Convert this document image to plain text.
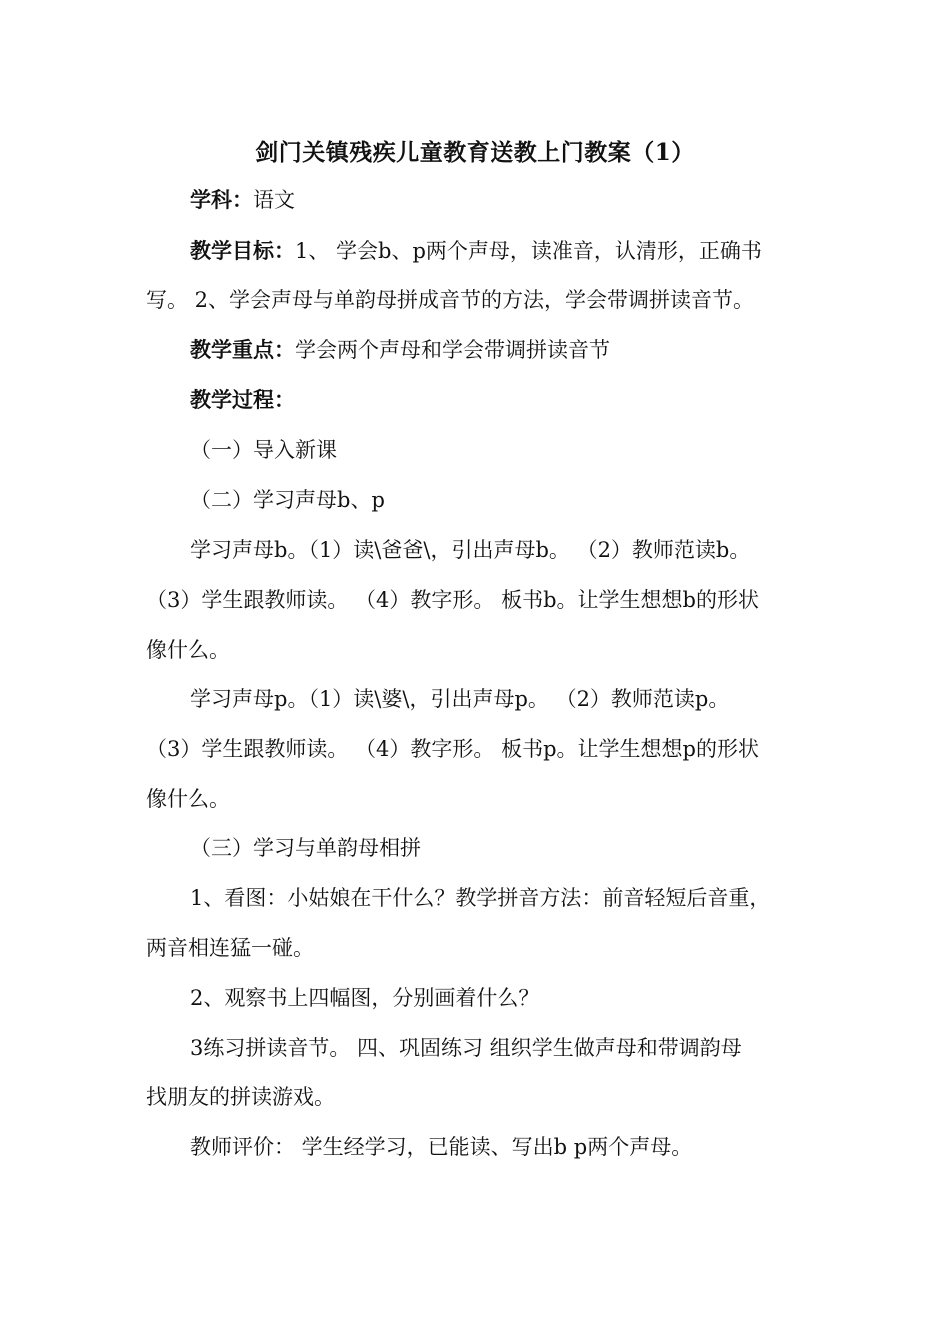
剑门关镇残疾儿童教育送教上门教案（1）
学科：语文
教学目标：1、 学会b、p两个声母，读准音，认清形，正确书
写。 2、学会声母与单韵母拼成音节的方法，学会带调拼读音节。
教学重点：学会两个声母和学会带调拼读音节
教学过程：
（一）导入新课
（二）学习声母b、p
学习声母b。（1）读\爸爸\，引出声母b。 （2）教师范读b。
（3）学生跟教师读。 （4）教字形。 板书b。让学生想想b的形状
像什么。
学习声母p。（1）读\婆\，引出声母p。 （2）教师范读p。
（3）学生跟教师读。 （4）教字形。 板书p。让学生想想p的形状
像什么。
（三）学习与单韵母相拼
1、看图：小姑娘在干什么？教学拼音方法：前音轻短后音重，
两音相连猛一碰。
2、观察书上四幅图，分别画着什么？
3练习拼读音节。 四、巩固练习 组织学生做声母和带调韵母
找朋友的拼读游戏。
教师评价： 学生经学习，已能读、写出b p两个声母。
